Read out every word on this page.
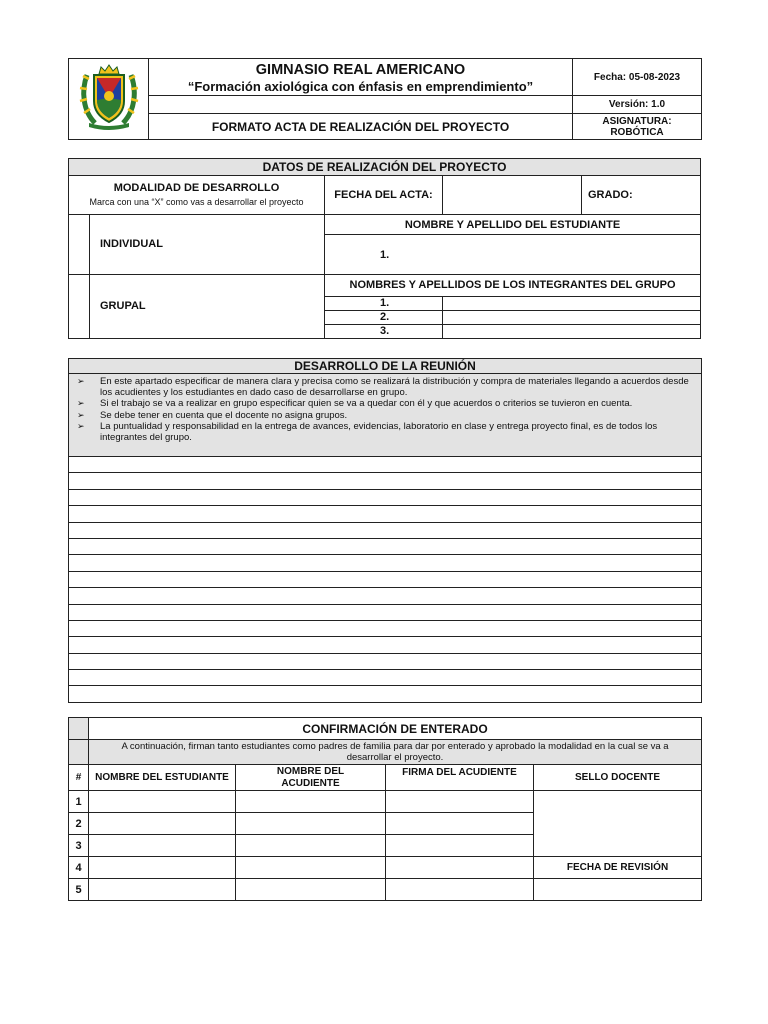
GIMNASIO REAL AMERICANO
“Formación axiológica con énfasis en emprendimiento”	Fecha: 05-08-2023
		Versión: 1.0
	FORMATO ACTA DE REALIZACIÓN DEL PROYECTO	ASIGNATURA:
ROBÓTICA
DATOS DE REALIZACIÓN DEL PROYECTO				

MODALIDAD DE DESARROLLO
Marca con una “X” como vas a desarrollar el proyecto		FECHA DEL ACTA:		GRADO:
	INDIVIDUAL	NOMBRE Y APELLIDO DEL ESTUDIANTE		
		1.		
	GRUPAL	NOMBRES Y APELLIDOS DE LOS INTEGRANTES DEL GRUPO		
		1.		
		2.		
		3.		
DESARROLLO DE LA REUNIÓN

➢ En este apartado especificar de manera clara y precisa como se realizará la distribución y compra de materiales llegando a acuerdos desde los acudientes y los estudiantes en dado caso de desarrollarse en grupo.
➢ Si el trabajo se va a realizar en grupo especificar quien se va a quedar con él y que acuerdos o criterios se tuvieron en cuenta.
➢ Se debe tener en cuenta que el docente no asigna grupos.
➢ La puntualidad y responsabilidad en la entrega de avances, evidencias, laboratorio en clase y entrega proyecto final, es de todos los integrantes del grupo.

	CONFIRMACIÓN DE ENTERADO			
	A continuación, firman tanto estudiantes como padres de familia para dar por enterado y aprobado la modalidad en la cual se va a desarrollar el proyecto.			
#	NOMBRE DEL ESTUDIANTE	NOMBRE DEL ACUDIENTE	FIRMA DEL ACUDIENTE	SELLO DOCENTE
1				
2				
3				
4				FECHA DE REVISIÓN
5				
